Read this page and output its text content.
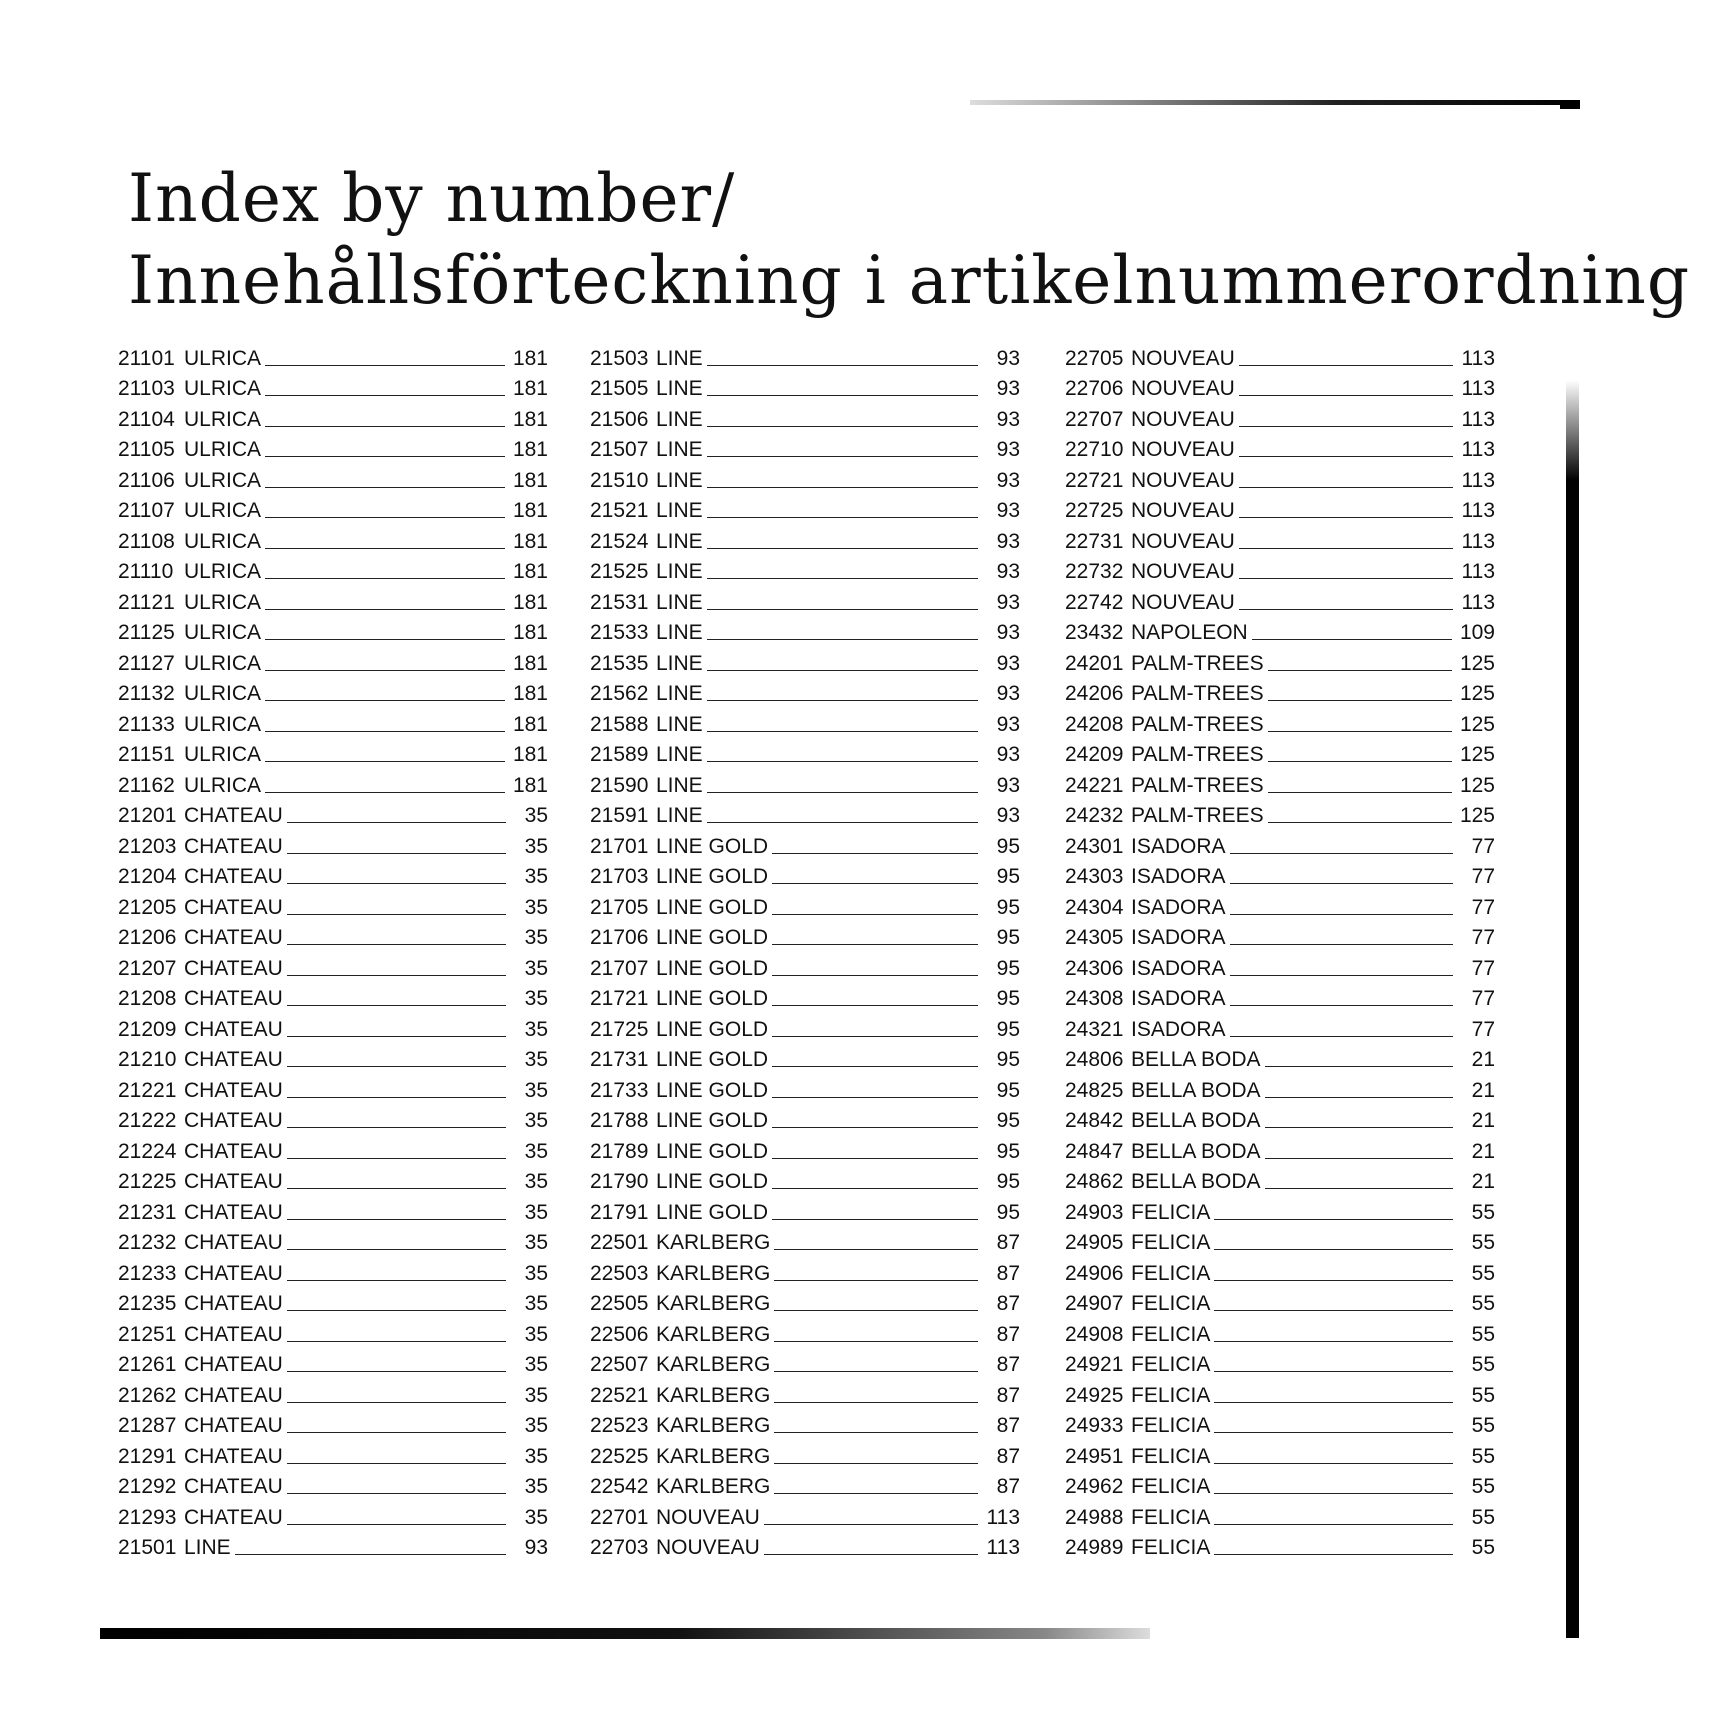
Index by number/
Innehållsförteckning i artikelnummerordning
21101 ULRICA	181
21103 ULRICA	181
21104 ULRICA	181
21105 ULRICA	181
21106 ULRICA	181
21107 ULRICA	181
21108 ULRICA	181
21110 ULRICA	181
21121 ULRICA	181
21125 ULRICA	181
21127 ULRICA	181
21132 ULRICA	181
21133 ULRICA	181
21151 ULRICA	181
21162 ULRICA	181
21201 CHATEAU	35
21203 CHATEAU	35
21204 CHATEAU	35
21205 CHATEAU	35
21206 CHATEAU	35
21207 CHATEAU	35
21208 CHATEAU	35
21209 CHATEAU	35
21210 CHATEAU	35
21221 CHATEAU	35
21222 CHATEAU	35
21224 CHATEAU	35
21225 CHATEAU	35
21231 CHATEAU	35
21232 CHATEAU	35
21233 CHATEAU	35
21235 CHATEAU	35
21251 CHATEAU	35
21261 CHATEAU	35
21262 CHATEAU	35
21287 CHATEAU	35
21291 CHATEAU	35
21292 CHATEAU	35
21293 CHATEAU	35
21501 LINE	93
21503 LINE	93
21505 LINE	93
21506 LINE	93
21507 LINE	93
21510 LINE	93
21521 LINE	93
21524 LINE	93
21525 LINE	93
21531 LINE	93
21533 LINE	93
21535 LINE	93
21562 LINE	93
21588 LINE	93
21589 LINE	93
21590 LINE	93
21591 LINE	93
21701 LINE GOLD	95
21703 LINE GOLD	95
21705 LINE GOLD	95
21706 LINE GOLD	95
21707 LINE GOLD	95
21721 LINE GOLD	95
21725 LINE GOLD	95
21731 LINE GOLD	95
21733 LINE GOLD	95
21788 LINE GOLD	95
21789 LINE GOLD	95
21790 LINE GOLD	95
21791 LINE GOLD	95
22501 KARLBERG	87
22503 KARLBERG	87
22505 KARLBERG	87
22506 KARLBERG	87
22507 KARLBERG	87
22521 KARLBERG	87
22523 KARLBERG	87
22525 KARLBERG	87
22542 KARLBERG	87
22701 NOUVEAU	113
22703 NOUVEAU	113
22705 NOUVEAU	113
22706 NOUVEAU	113
22707 NOUVEAU	113
22710 NOUVEAU	113
22721 NOUVEAU	113
22725 NOUVEAU	113
22731 NOUVEAU	113
22732 NOUVEAU	113
22742 NOUVEAU	113
23432 NAPOLEON	109
24201 PALM-TREES	125
24206 PALM-TREES	125
24208 PALM-TREES	125
24209 PALM-TREES	125
24221 PALM-TREES	125
24232 PALM-TREES	125
24301 ISADORA	77
24303 ISADORA	77
24304 ISADORA	77
24305 ISADORA	77
24306 ISADORA	77
24308 ISADORA	77
24321 ISADORA	77
24806 BELLA BODA	21
24825 BELLA BODA	21
24842 BELLA BODA	21
24847 BELLA BODA	21
24862 BELLA BODA	21
24903 FELICIA	55
24905 FELICIA	55
24906 FELICIA	55
24907 FELICIA	55
24908 FELICIA	55
24921 FELICIA	55
24925 FELICIA	55
24933 FELICIA	55
24951 FELICIA	55
24962 FELICIA	55
24988 FELICIA	55
24989 FELICIA	55
